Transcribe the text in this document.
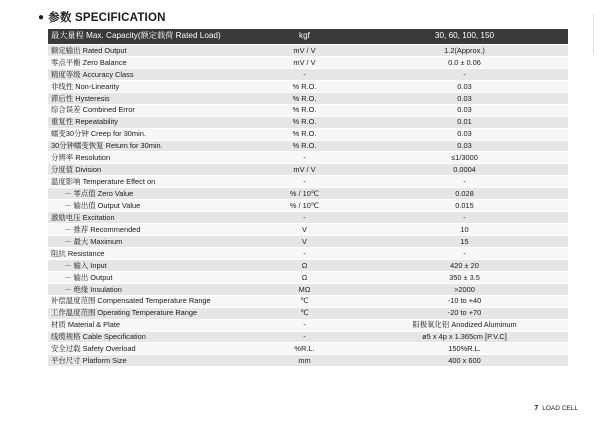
● 参数 SPECIFICATION
最大量程 Max. Capacity(额定载荷 Rated Load)	kgf	30, 60, 100, 150
额定输出 Rated Output	mV / V	1.2(Approx.)
零点平衡 Zero Balance	mV / V	0.0 ± 0.06
精度等级 Accuracy Class	-	-
非线性 Non-Linearity	% R.O.	0.03
滞后性 Hysteresis	% R.O.	0.03
综合误差 Combined Error	% R.O.	0.03
重复性 Repeatability	% R.O.	0.01
蠕变30分钟 Creep for 30min.	% R.O.	0.03
30分钟蠕变恢复 Return for 30min.	% R.O.	0.03
分辨率 Resolution	-	≤1/3000
分度值 Division	mV / V	0.0004
温度影响 Temperature Effect on	-	-
－ 零点值 Zero Value	% / 10℃	0.028
－ 输出值 Output Value	% / 10℃	0.015
激励电压 Excitation	-	-
－ 推荐 Recommended	V	10
－ 最大 Maximum	V	15
阻抗 Resistance	-	-
－ 输入 Input	Ω	420 ± 20
－ 输出 Output	Ω	350 ± 3.5
－ 绝缘 Insulation	MΩ	>2000
补偿温度范围 Compensated Temperature Range	℃	-10 to +40
工作温度范围 Operating Temperature Range	℃	-20 to +70
材质 Material & Plate	-	阳极氧化铝 Anodized Aluminum
线缆规格 Cable Specification	-	ø5 x 4p x 1.365cm [P.V.C]
安全过载 Safety Overload	%R.L.	150%R.L.
平台尺寸 Platform Size	mm	400 x 600
7 LOAD CELL
